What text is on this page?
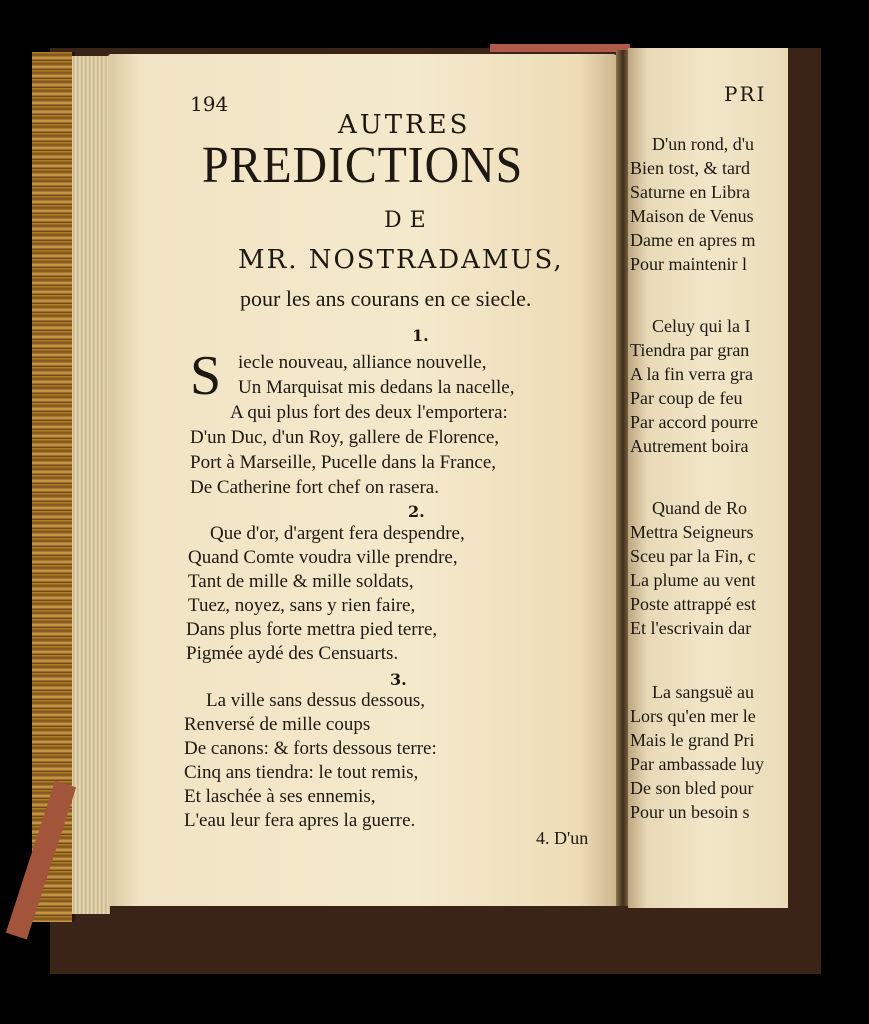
194
AUTRES
PREDICTIONS
DE
MR. NOSTRADAMUS,
pour les ans courans en ce siecle.
1.
S iecle nouveau, alliance nouvelle,
Un Marquisat mis dedans la nacelle,
A qui plus fort des deux l'emportera:
D'un Duc, d'un Roy, gallere de Florence,
Port à Marseille, Pucelle dans la France,
De Catherine fort chef on rasera.
2.
Que d'or, d'argent fera despendre,
Quand Comte voudra ville prendre,
Tant de mille & mille soldats,
Tuez, noyez, sans y rien faire,
Dans plus forte mettra pied terre,
Pigmée aydé des Censuarts.
3.
La ville sans dessus dessous,
Renversé de mille coups
De canons: & forts dessous terre:
Cinq ans tiendra: le tout remis,
Et laschée à ses ennemis,
L'eau leur fera apres la guerre.
4. D'un
PRI
D'un rond, d'u
Bien tost, & tard
Saturne en Libra
Maison de Venus
Dame en apres m
Pour maintenir l
Celuy qui la I
Tiendra par gran
A la fin verra gra
Par coup de feu
Par accord pourre
Autrement boira
Quand de Ro
Mettra Seigneurs
Sceu par la Fin, c
La plume au vent
Poste attrappé est
Et l'escrivain dar
La sangsuë au
Lors qu'en mer le
Mais le grand Pri
Par ambassade luy
De son bled pour
Pour un besoin s
